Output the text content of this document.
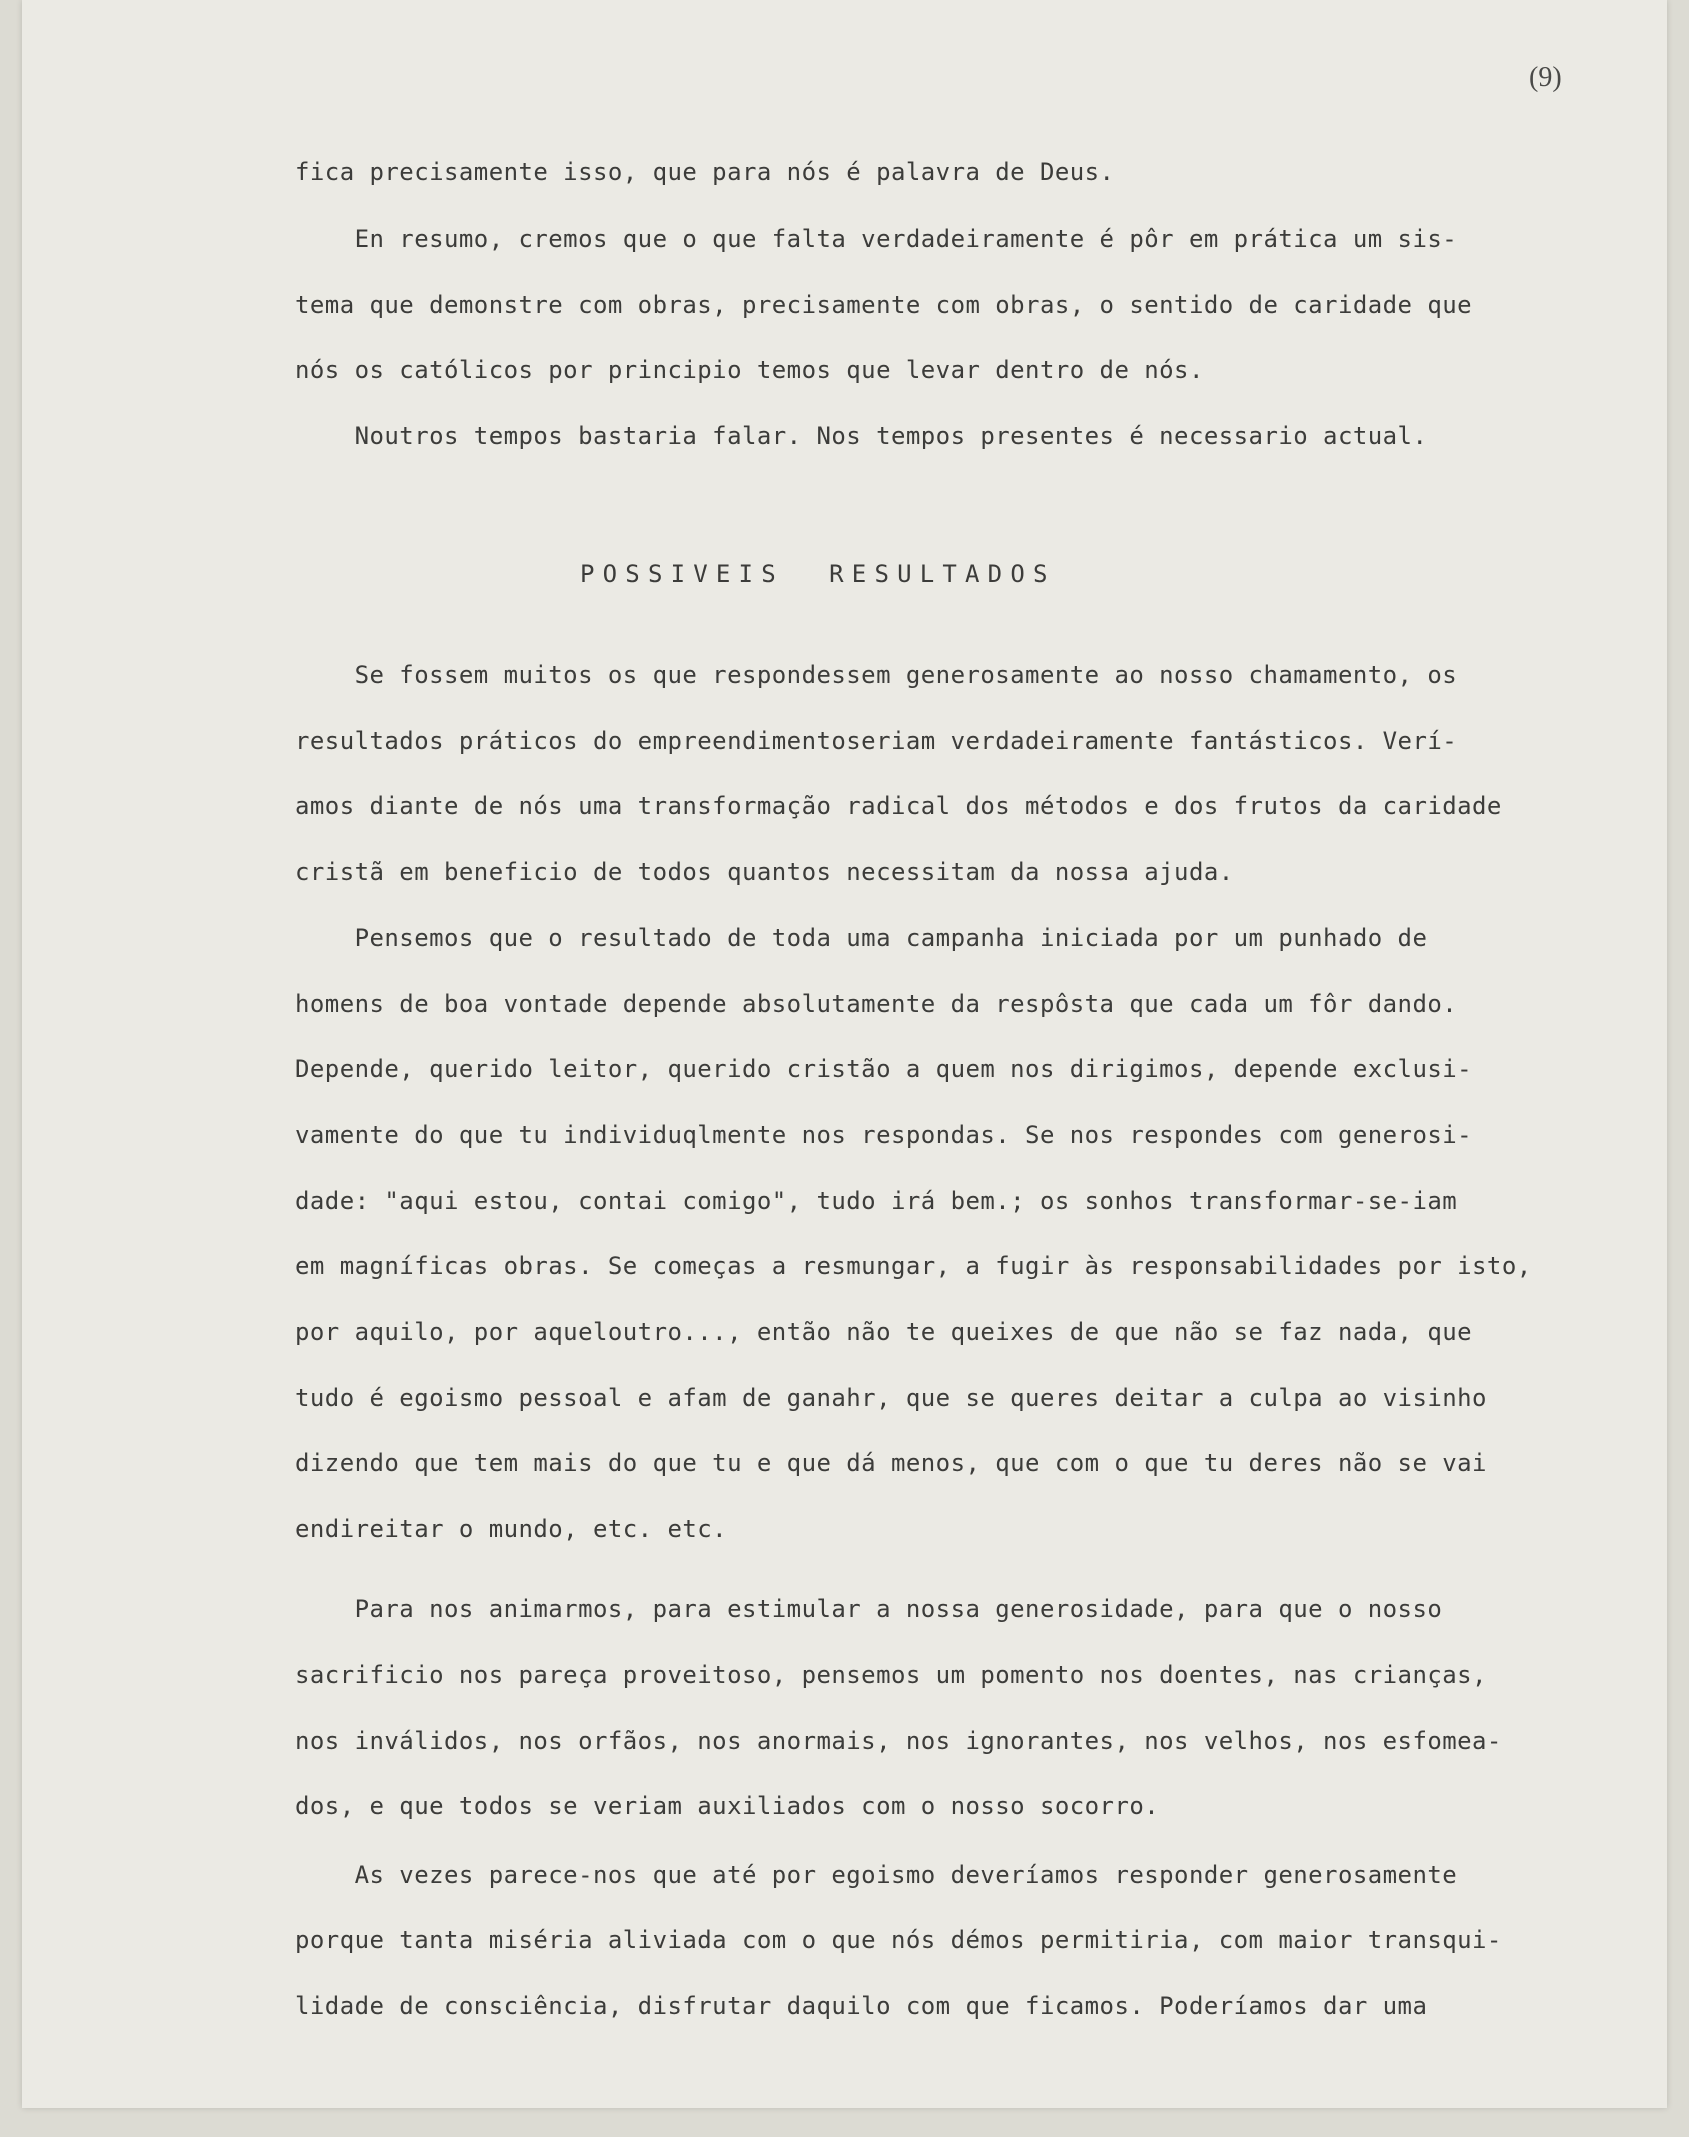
(9)
fica precisamente isso, que para nós é palavra de Deus.
En resumo, cremos que o que falta verdadeiramente é pôr em prática um sis-
tema que demonstre com obras, precisamente com obras, o sentido de caridade que
nós os católicos por principio temos que levar dentro de nós.
Noutros tempos bastaria falar. Nos tempos presentes é necessario actual.
POSSIVEIS  RESULTADOS
Se fossem muitos os que respondessem generosamente ao nosso chamamento, os
resultados práticos do empreendimentoseriam verdadeiramente fantásticos. Verí-
amos diante de nós uma transformação radical dos métodos e dos frutos da caridade
cristã em beneficio de todos quantos necessitam da nossa ajuda.
Pensemos que o resultado de toda uma campanha iniciada por um punhado de
homens de boa vontade depende absolutamente da respôsta que cada um fôr dando.
Depende, querido leitor, querido cristão a quem nos dirigimos, depende exclusi-
vamente do que tu individuqlmente nos respondas. Se nos respondes com generosi-
dade: "aqui estou, contai comigo", tudo irá bem.; os sonhos transformar-se-iam
em magníficas obras. Se começas a resmungar, a fugir às responsabilidades por isto,
por aquilo, por aqueloutro..., então não te queixes de que não se faz nada, que
tudo é egoismo pessoal e afam de ganahr, que se queres deitar a culpa ao visinho
dizendo que tem mais do que tu e que dá menos, que com o que tu deres não se vai
endireitar o mundo, etc. etc.
Para nos animarmos, para estimular a nossa generosidade, para que o nosso
sacrificio nos pareça proveitoso, pensemos um pomento nos doentes, nas crianças,
nos inválidos, nos orfãos, nos anormais, nos ignorantes, nos velhos, nos esfomea-
dos, e que todos se veriam auxiliados com o nosso socorro.
As vezes parece-nos que até por egoismo deveríamos responder generosamente
porque tanta miséria aliviada com o que nós démos permitiria, com maior transqui-
lidade de consciência, disfrutar daquilo com que ficamos. Poderíamos dar uma
